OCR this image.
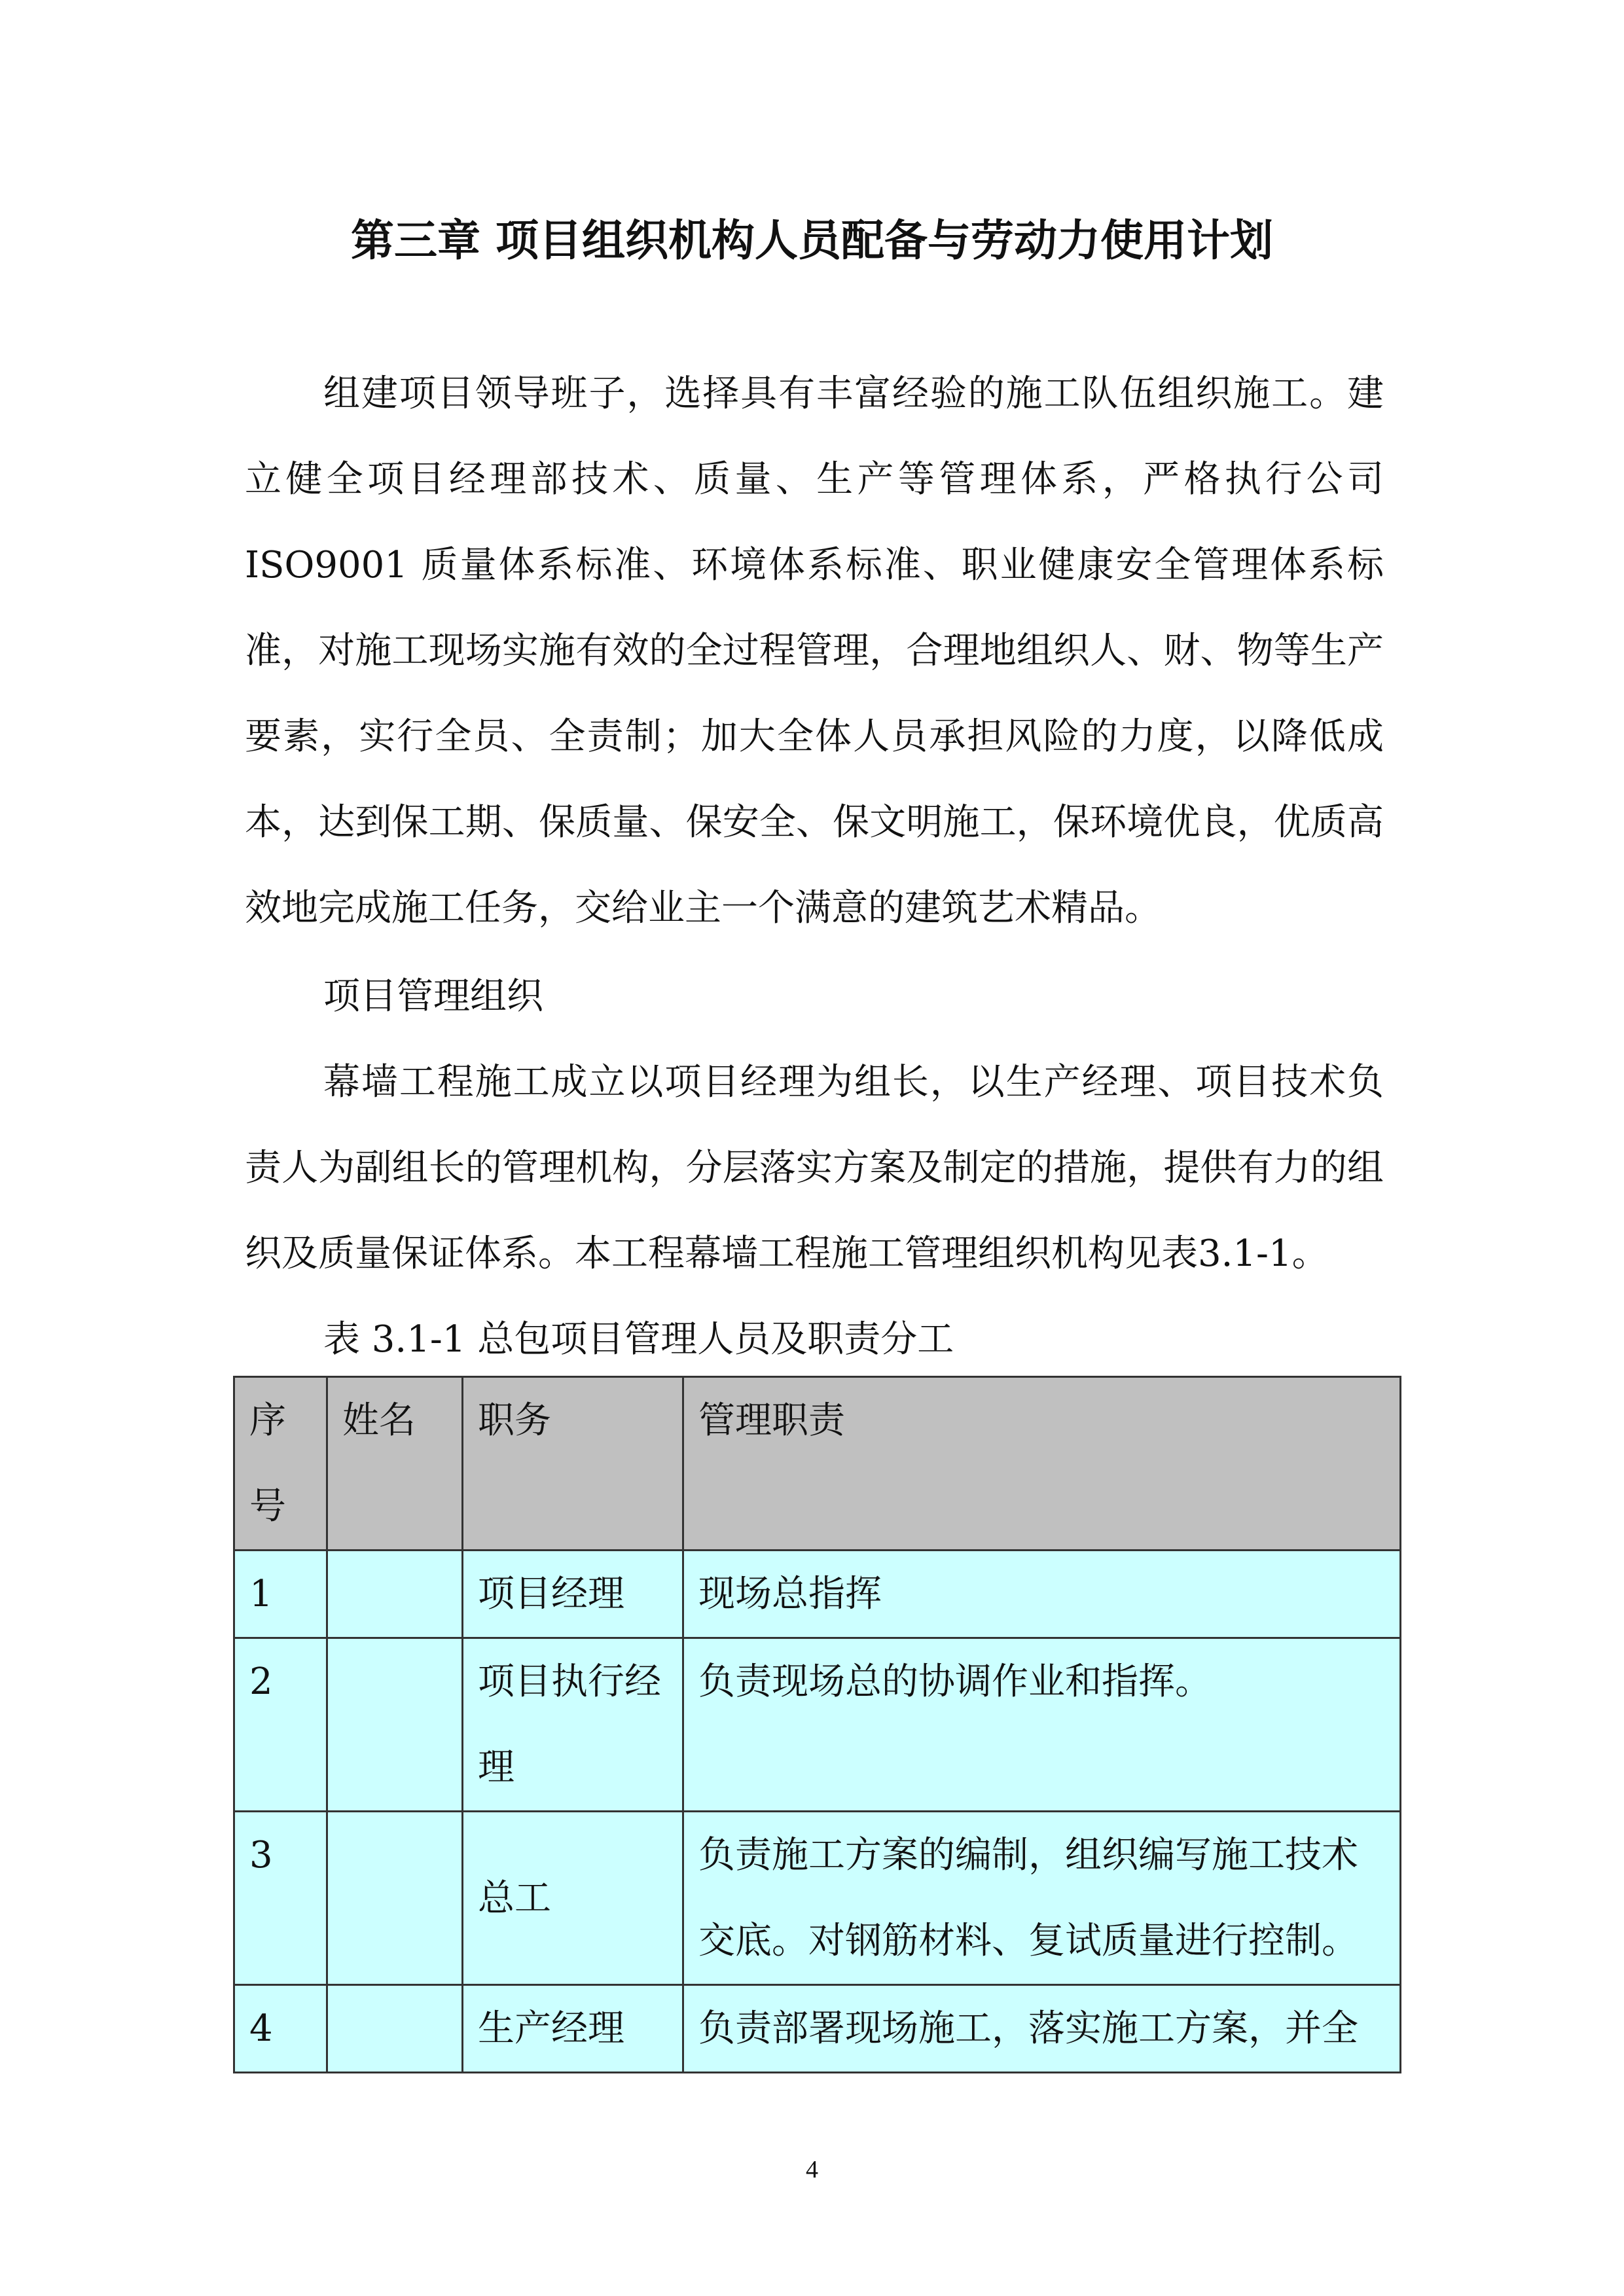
第三章 项目组织机构人员配备与劳动力使用计划

组建项目领导班子，选择具有丰富经验的施工队伍组织施工。建立健全项目经理部技术、质量、生产等管理体系，严格执行公司ISO9001 质量体系标准、环境体系标准、职业健康安全管理体系标准，对施工现场实施有效的全过程管理，合理地组织人、财、物等生产要素，实行全员、全责制；加大全体人员承担风险的力度，以降低成本，达到保工期、保质量、保安全、保文明施工，保环境优良，优质高效地完成施工任务，交给业主一个满意的建筑艺术精品。

项目管理组织

幕墙工程施工成立以项目经理为组长，以生产经理、项目技术负责人为副组长的管理机构，分层落实方案及制定的措施，提供有力的组织及质量保证体系。本工程幕墙工程施工管理组织机构见表3.1-1。

表 3.1-1 总包项目管理人员及职责分工

序号	姓名	职务	管理职责
1		项目经理	现场总指挥
2		项目执行经理	负责现场总的协调作业和指挥。
3		总工	负责施工方案的编制，组织编写施工技术交底。对钢筋材料、复试质量进行控制。
4		生产经理	负责部署现场施工，落实施工方案，并全
4
